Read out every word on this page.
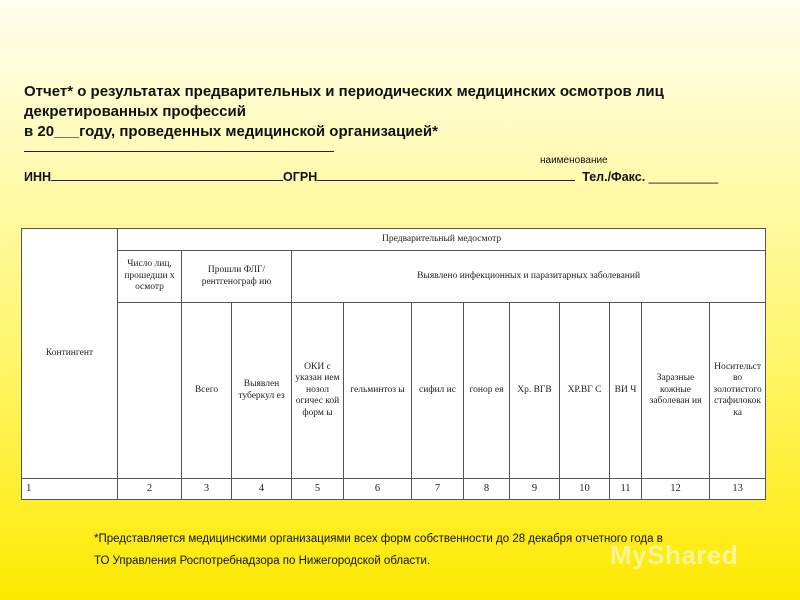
Отчет* о результатах предварительных и периодических медицинских осмотров лиц
декретированных профессий
в 20___году, проведенных медицинской организацией*
наименование
ИНН	ОГРН	Тел./Факс. __________
Контингент	Предварительный медосмотр											
	Число лиц, прошедши х осмотр	Прошли ФЛГ/рентгенограф ию		Выявлено инфекционных и паразитарных заболеваний								
		Всего	Выявлен туберкул ез	ОКИ с указан ием нозол огичес кой форм ы	гельминтоз ы	сифил ис	гонор ея	Хр. ВГВ	ХР.ВГ С	ВИ Ч	Заразные кожные заболеван ия	Носительст во золотистого стафилокок ка
1	2	3	4	5	6	7	8	9	10	11	12	13
*Представляется медицинскими организациями всех форм собственности до 28 декабря отчетного года в
ТО Управления Роспотребнадзора по Нижегородской области.	MyShared
